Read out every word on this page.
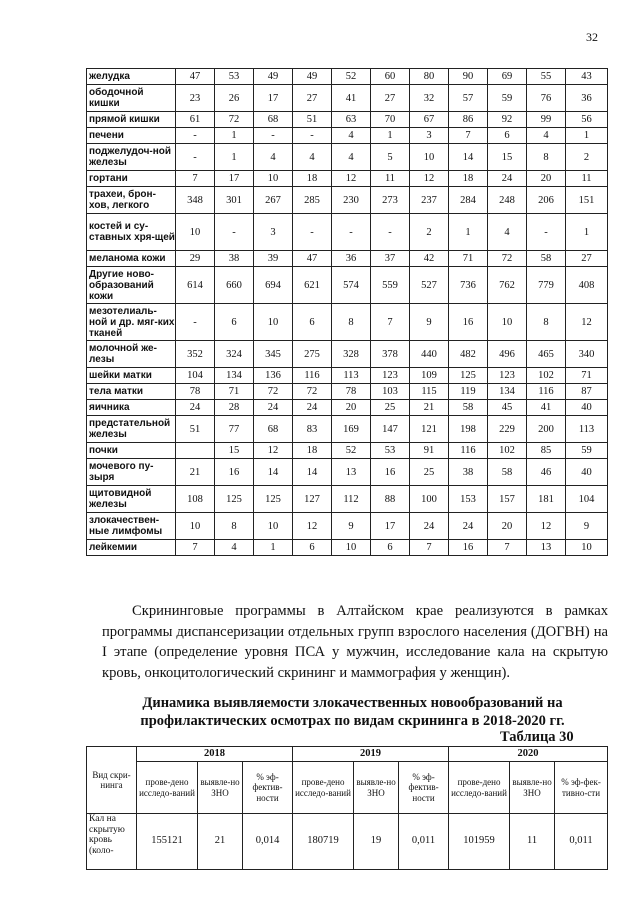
32
желудка	47	53	49	49	52	60	80	90	69	55	43
ободочной кишки	23	26	17	27	41	27	32	57	59	76	36
прямой кишки	61	72	68	51	63	70	67	86	92	99	56
печени	-	1	-	-	4	1	3	7	6	4	1
поджелудоч-ной железы	-	1	4	4	4	5	10	14	15	8	2
гортани	7	17	10	18	12	11	12	18	24	20	11
трахеи, брон-хов, легкого	348	301	267	285	230	273	237	284	248	206	151
костей и су-ставных хря-щей	10	-	3	-	-	-	2	1	4	-	1
меланома кожи	29	38	39	47	36	37	42	71	72	58	27
Другие ново-образований кожи	614	660	694	621	574	559	527	736	762	779	408
мезотелиаль-ной и др. мяг-ких тканей	-	6	10	6	8	7	9	16	10	8	12
молочной же-лезы	352	324	345	275	328	378	440	482	496	465	340
шейки матки	104	134	136	116	113	123	109	125	123	102	71
тела матки	78	71	72	72	78	103	115	119	134	116	87
яичника	24	28	24	24	20	25	21	58	45	41	40
предстательной железы	51	77	68	83	169	147	121	198	229	200	113
почки		15	12	18	52	53	91	116	102	85	59
мочевого пу-зыря	21	16	14	14	13	16	25	38	58	46	40
щитовидной железы	108	125	125	127	112	88	100	153	157	181	104
злокачествен-ные лимфомы	10	8	10	12	9	17	24	24	20	12	9
лейкемии	7	4	1	6	10	6	7	16	7	13	10

Скрининговые программы в Алтайском крае реализуются в рамках программы диспансеризации отдельных групп взрослого населения (ДОГВН) на I этапе (определение уровня ПСА у мужчин, исследование кала на скрытую кровь, онкоцитологический скрининг и маммография у женщин).

Динамика выявляемости злокачественных новообразований на профилактических осмотрах по видам скрининга в 2018-2020 гг.
Таблица 30
Вид скри-нинга	2018			2019			2020		
	прове-дено исследо-ваний	выявле-но ЗНО	% эф-фектив-ности	прове-дено исследо-ваний	выявле-но ЗНО	% эф-фектив-ности	прове-дено исследо-ваний	выявле-но ЗНО	% эф-фек-тивно-сти
Кал на скрытую кровь (коло-	155121	21	0,014	180719	19	0,011	101959	11	0,011
